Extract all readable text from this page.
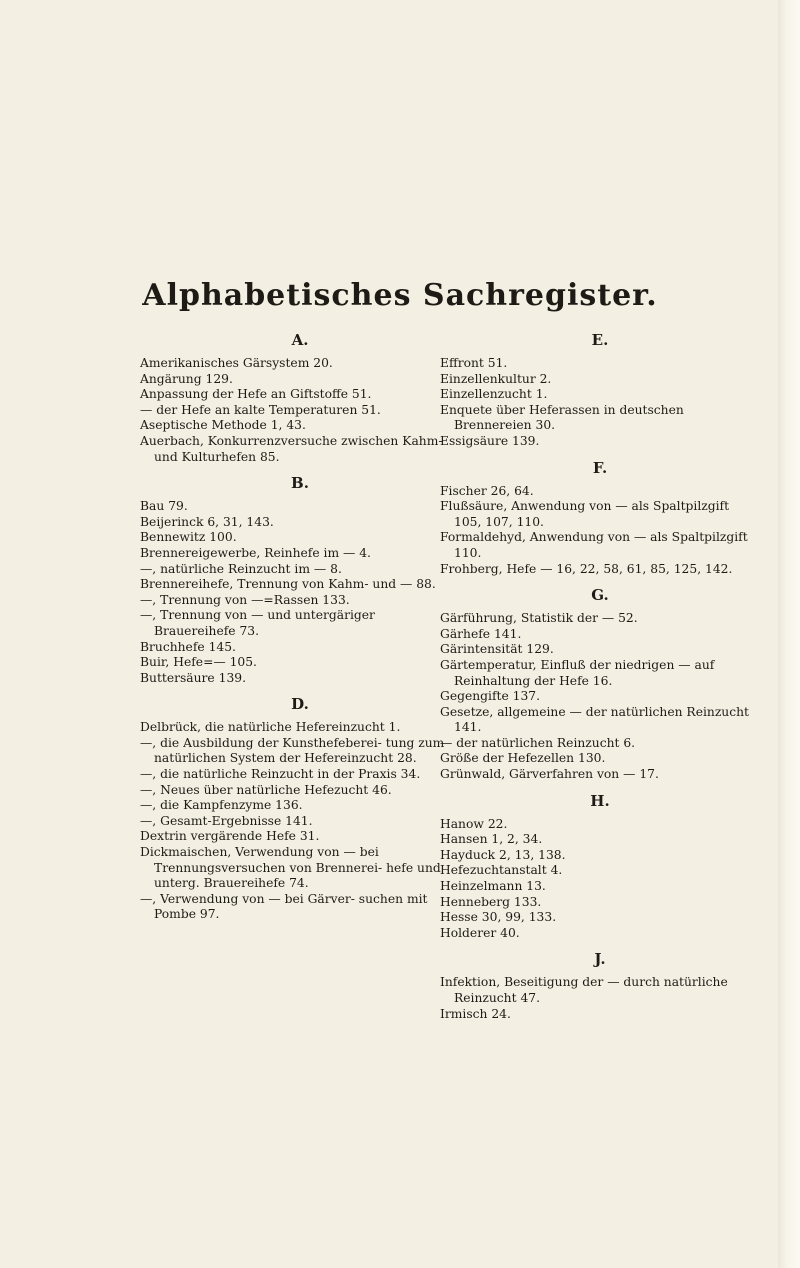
Alphabetisches Sachregister.
A.
Amerikanisches Gärsystem 20.
Angärung 129.
Anpassung der Hefe an Giftstoffe 51.
— der Hefe an kalte Temperaturen 51.
Aseptische Methode 1, 43.
Auerbach, Konkurrenzversuche zwischen Kahm- und Kulturhefen 85.
B.
Bau 79.
Beijerinck 6, 31, 143.
Bennewitz 100.
Brennereigewerbe, Reinhefe im — 4.
—, natürliche Reinzucht im — 8.
Brennereihefe, Trennung von Kahm- und — 88.
—, Trennung von —=Rassen 133.
—, Trennung von — und untergäriger Brauereihefe 73.
Bruchhefe 145.
Buir, Hefe=— 105.
Buttersäure 139.
D.
Delbrück, die natürliche Hefereinzucht 1.
—, die Ausbildung der Kunsthefeberei- tung zum natürlichen System der Hefereinzucht 28.
—, die natürliche Reinzucht in der Praxis 34.
—, Neues über natürliche Hefezucht 46.
—, die Kampfenzyme 136.
—, Gesamt-Ergebnisse 141.
Dextrin vergärende Hefe 31.
Dickmaischen, Verwendung von — bei Trennungsversuchen von Brennerei- hefe und unterg. Brauereihefe 74.
—, Verwendung von — bei Gärver- suchen mit Pombe 97.
E.
Effront 51.
Einzellenkultur 2.
Einzellenzucht 1.
Enquete über Heferassen in deutschen Brennereien 30.
Essigsäure 139.
F.
Fischer 26, 64.
Flußsäure, Anwendung von — als Spaltpilzgift 105, 107, 110.
Formaldehyd, Anwendung von — als Spaltpilzgift 110.
Frohberg, Hefe — 16, 22, 58, 61, 85, 125, 142.
G.
Gärführung, Statistik der — 52.
Gärhefe 141.
Gärintensität 129.
Gärtemperatur, Einfluß der niedrigen — auf Reinhaltung der Hefe 16.
Gegengifte 137.
Gesetze, allgemeine — der natürlichen Reinzucht 141.
— der natürlichen Reinzucht 6.
Größe der Hefezellen 130.
Grünwald, Gärverfahren von — 17.
H.
Hanow 22.
Hansen 1, 2, 34.
Hayduck 2, 13, 138.
Hefezuchtanstalt 4.
Heinzelmann 13.
Henneberg 133.
Hesse 30, 99, 133.
Holderer 40.
J.
Infektion, Beseitigung der — durch natürliche Reinzucht 47.
Irmisch 24.
